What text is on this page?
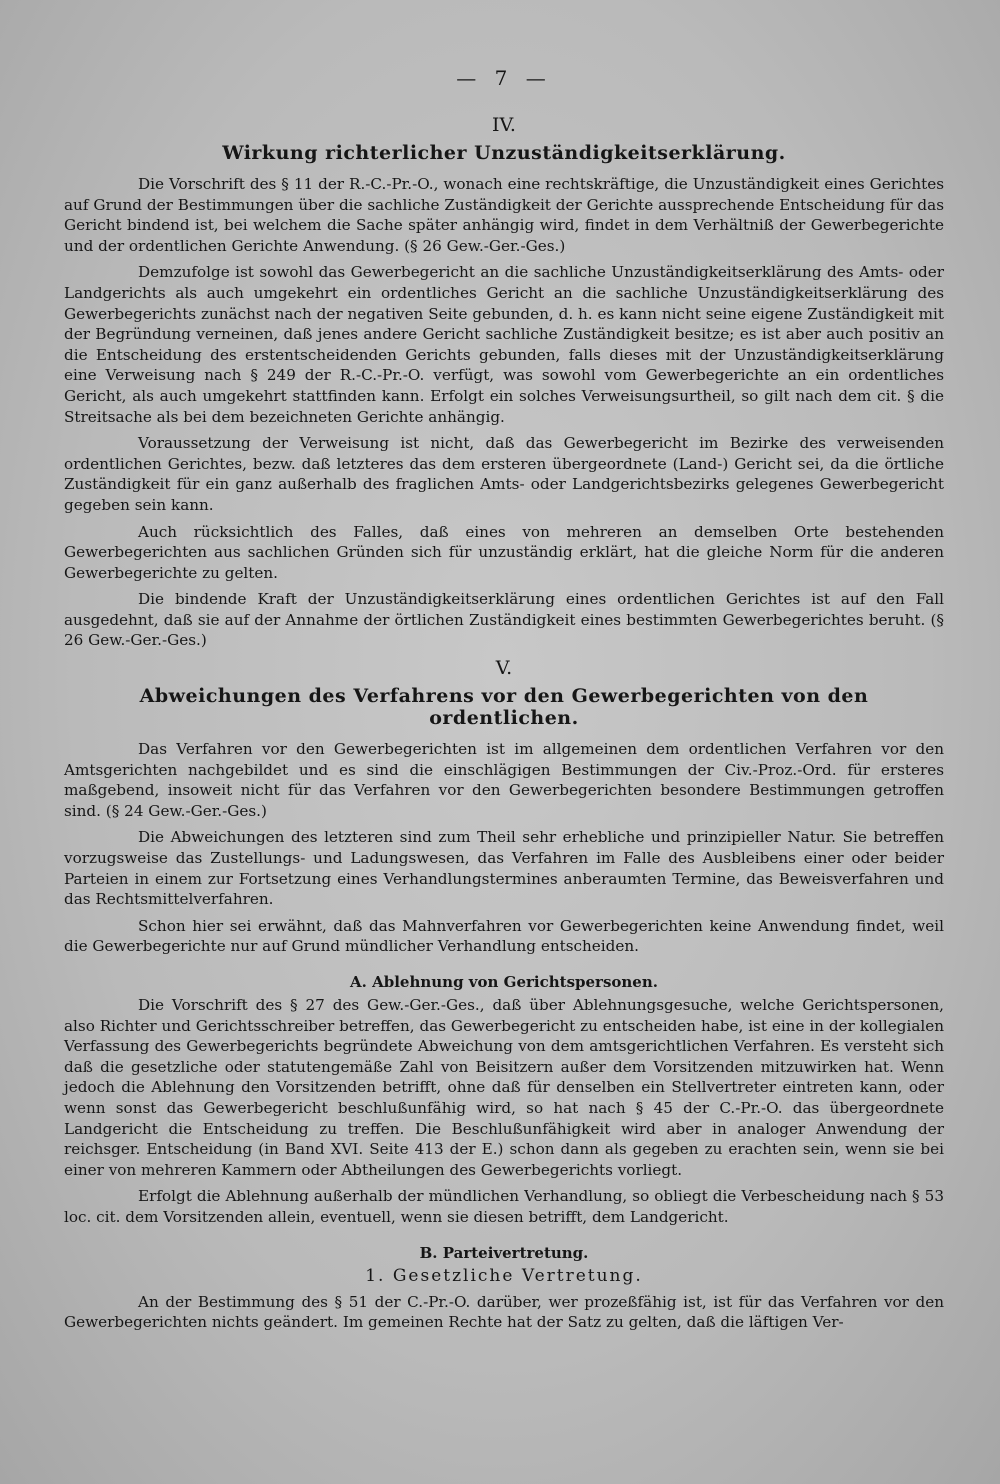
— 7 —
IV.
Wirkung richterlicher Unzuständigkeitserklärung.

Die Vorschrift des § 11 der R.-C.-Pr.-O., wonach eine rechtskräftige, die Unzuständigkeit eines Gerichtes auf Grund der Bestimmungen über die sachliche Zuständigkeit der Gerichte aussprechende Entscheidung für das Gericht bindend ist, bei welchem die Sache später anhängig wird, findet in dem Verhältniß der Gewerbegerichte und der ordentlichen Gerichte Anwendung. (§ 26 Gew.-Ger.-Ges.)

Demzufolge ist sowohl das Gewerbegericht an die sachliche Unzuständigkeitserklärung des Amts- oder Landgerichts als auch umgekehrt ein ordentliches Gericht an die sachliche Unzuständigkeitserklärung des Gewerbegerichts zunächst nach der negativen Seite gebunden, d. h. es kann nicht seine eigene Zuständigkeit mit der Begründung verneinen, daß jenes andere Gericht sachliche Zuständigkeit besitze; es ist aber auch positiv an die Entscheidung des erstentscheidenden Gerichts gebunden, falls dieses mit der Unzuständigkeitserklärung eine Verweisung nach § 249 der R.-C.-Pr.-O. verfügt, was sowohl vom Gewerbegerichte an ein ordentliches Gericht, als auch umgekehrt stattfinden kann. Erfolgt ein solches Verweisungsurtheil, so gilt nach dem cit. § die Streitsache als bei dem bezeichneten Gerichte anhängig.

Voraussetzung der Verweisung ist nicht, daß das Gewerbegericht im Bezirke des verweisenden ordentlichen Gerichtes, bezw. daß letzteres das dem ersteren übergeordnete (Land-) Gericht sei, da die örtliche Zuständigkeit für ein ganz außerhalb des fraglichen Amts- oder Landgerichtsbezirks gelegenes Gewerbegericht gegeben sein kann.

Auch rücksichtlich des Falles, daß eines von mehreren an demselben Orte bestehenden Gewerbegerichten aus sachlichen Gründen sich für unzuständig erklärt, hat die gleiche Norm für die anderen Gewerbegerichte zu gelten.

Die bindende Kraft der Unzuständigkeitserklärung eines ordentlichen Gerichtes ist auf den Fall ausgedehnt, daß sie auf der Annahme der örtlichen Zuständigkeit eines bestimmten Gewerbegerichtes beruht. (§ 26 Gew.-Ger.-Ges.)

V.
Abweichungen des Verfahrens vor den Gewerbegerichten von den ordentlichen.

Das Verfahren vor den Gewerbegerichten ist im allgemeinen dem ordentlichen Verfahren vor den Amtsgerichten nachgebildet und es sind die einschlägigen Bestimmungen der Civ.-Proz.-Ord. für ersteres maßgebend, insoweit nicht für das Verfahren vor den Gewerbegerichten besondere Bestimmungen getroffen sind. (§ 24 Gew.-Ger.-Ges.)

Die Abweichungen des letzteren sind zum Theil sehr erhebliche und prinzipieller Natur. Sie betreffen vorzugsweise das Zustellungs- und Ladungswesen, das Verfahren im Falle des Ausbleibens einer oder beider Parteien in einem zur Fortsetzung eines Verhandlungstermines anberaumten Termine, das Beweisverfahren und das Rechtsmittelverfahren.

Schon hier sei erwähnt, daß das Mahnverfahren vor Gewerbegerichten keine Anwendung findet, weil die Gewerbegerichte nur auf Grund mündlicher Verhandlung entscheiden.

A. Ablehnung von Gerichtspersonen.

Die Vorschrift des § 27 des Gew.-Ger.-Ges., daß über Ablehnungsgesuche, welche Gerichtspersonen, also Richter und Gerichtsschreiber betreffen, das Gewerbegericht zu entscheiden habe, ist eine in der kollegialen Verfassung des Gewerbegerichts begründete Abweichung von dem amtsgerichtlichen Verfahren. Es versteht sich daß die gesetzliche oder statutengemäße Zahl von Beisitzern außer dem Vorsitzenden mitzuwirken hat. Wenn jedoch die Ablehnung den Vorsitzenden betrifft, ohne daß für denselben ein Stellvertreter eintreten kann, oder wenn sonst das Gewerbegericht beschlußunfähig wird, so hat nach § 45 der C.-Pr.-O. das übergeordnete Landgericht die Entscheidung zu treffen. Die Beschlußunfähigkeit wird aber in analoger Anwendung der reichsger. Entscheidung (in Band XVI. Seite 413 der E.) schon dann als gegeben zu erachten sein, wenn sie bei einer von mehreren Kammern oder Abtheilungen des Gewerbegerichts vorliegt.

Erfolgt die Ablehnung außerhalb der mündlichen Verhandlung, so obliegt die Verbescheidung nach § 53 loc. cit. dem Vorsitzenden allein, eventuell, wenn sie diesen betrifft, dem Landgericht.

B. Parteivertretung.
1. Gesetzliche Vertretung.

An der Bestimmung des § 51 der C.-Pr.-O. darüber, wer prozeßfähig ist, ist für das Verfahren vor den Gewerbegerichten nichts geändert. Im gemeinen Rechte hat der Satz zu gelten, daß die läftigen Ver-
